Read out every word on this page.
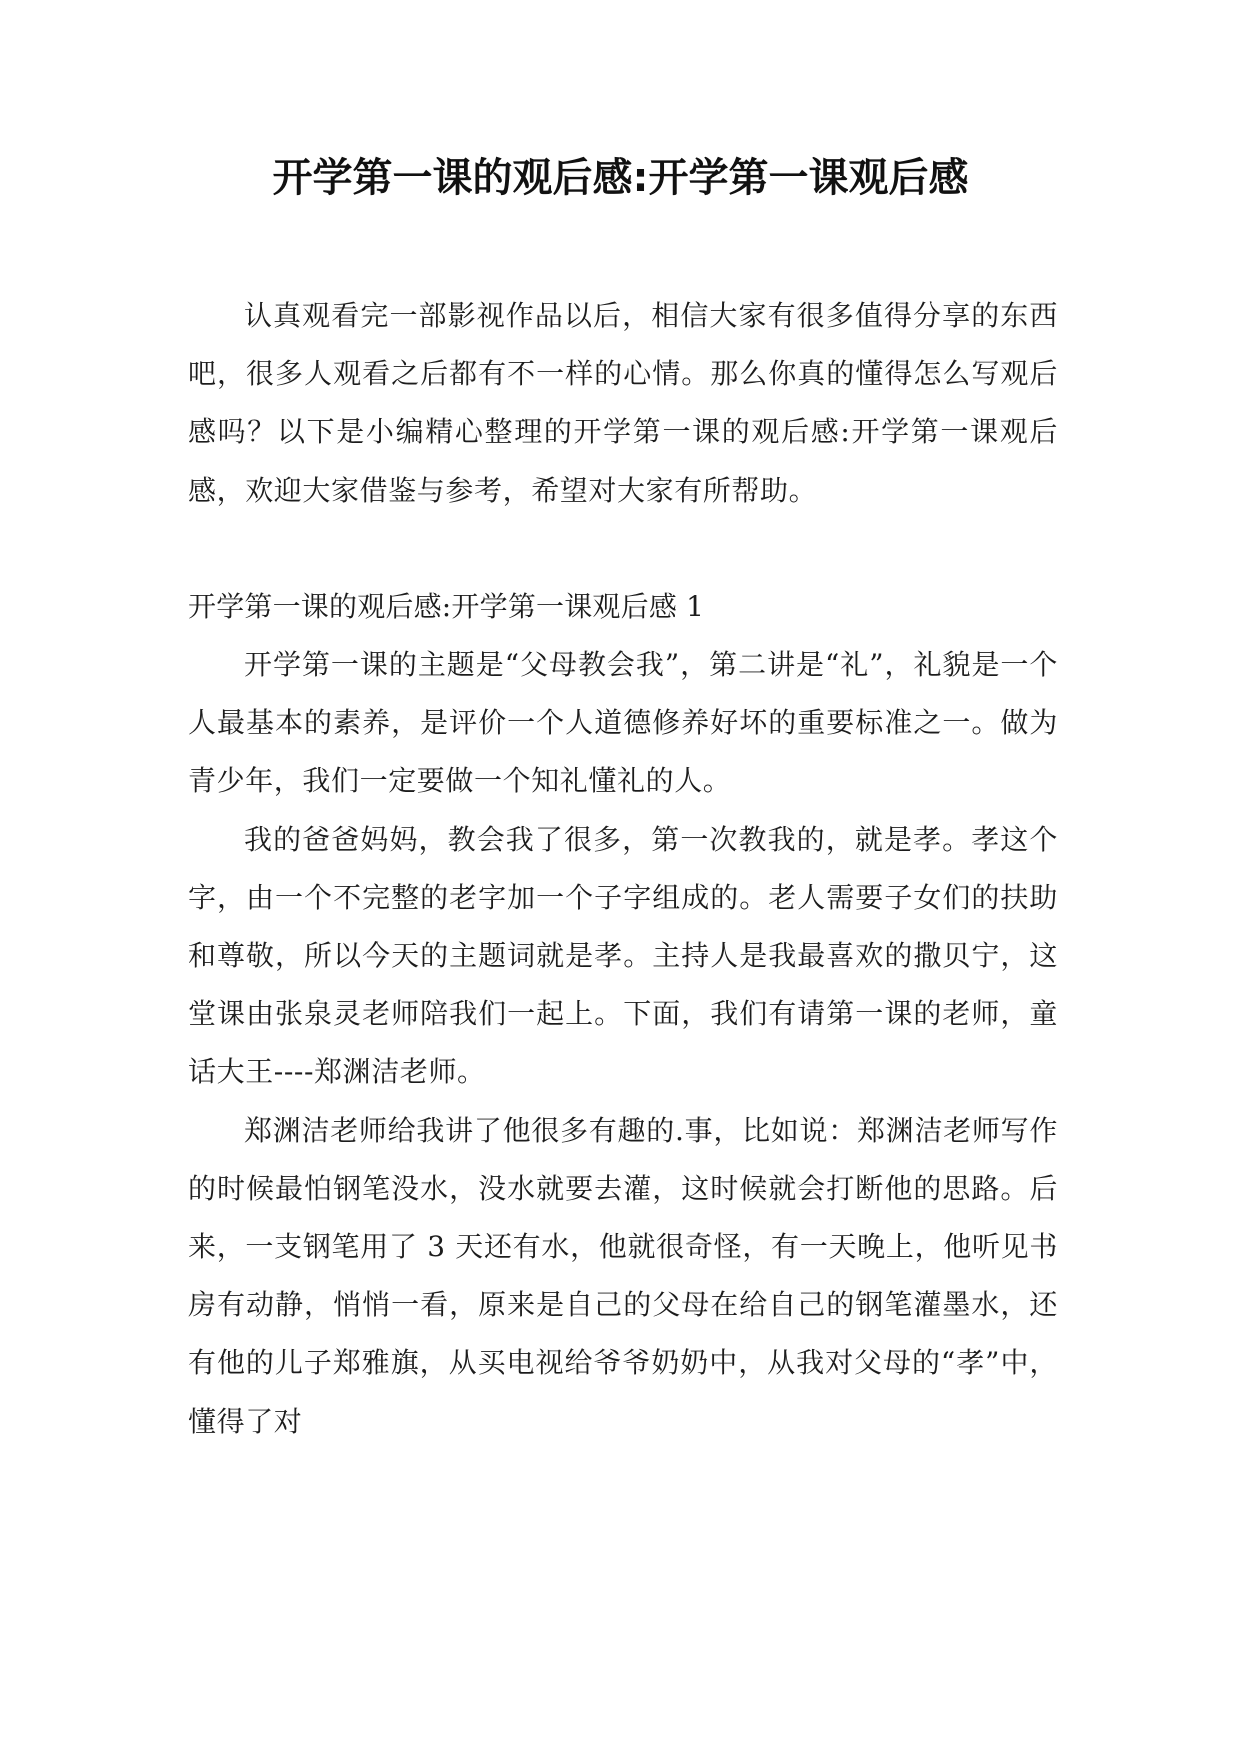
开学第一课的观后感:开学第一课观后感

认真观看完一部影视作品以后，相信大家有很多值得分享的东西吧，很多人观看之后都有不一样的心情。那么你真的懂得怎么写观后感吗？以下是小编精心整理的开学第一课的观后感:开学第一课观后感，欢迎大家借鉴与参考，希望对大家有所帮助。

开学第一课的观后感:开学第一课观后感 1

开学第一课的主题是“父母教会我”，第二讲是“礼”，礼貌是一个人最基本的素养，是评价一个人道德修养好坏的重要标准之一。做为青少年，我们一定要做一个知礼懂礼的人。

我的爸爸妈妈，教会我了很多，第一次教我的，就是孝。孝这个字，由一个不完整的老字加一个子字组成的。老人需要子女们的扶助和尊敬，所以今天的主题词就是孝。主持人是我最喜欢的撒贝宁，这堂课由张泉灵老师陪我们一起上。下面，我们有请第一课的老师，童话大王----郑渊洁老师。

郑渊洁老师给我讲了他很多有趣的.事，比如说：郑渊洁老师写作的时候最怕钢笔没水，没水就要去灌，这时候就会打断他的思路。后来，一支钢笔用了 3 天还有水，他就很奇怪，有一天晚上，他听见书房有动静，悄悄一看，原来是自己的父母在给自己的钢笔灌墨水，还有他的儿子郑雅旗，从买电视给爷爷奶奶中，从我对父母的“孝”中，懂得了对
